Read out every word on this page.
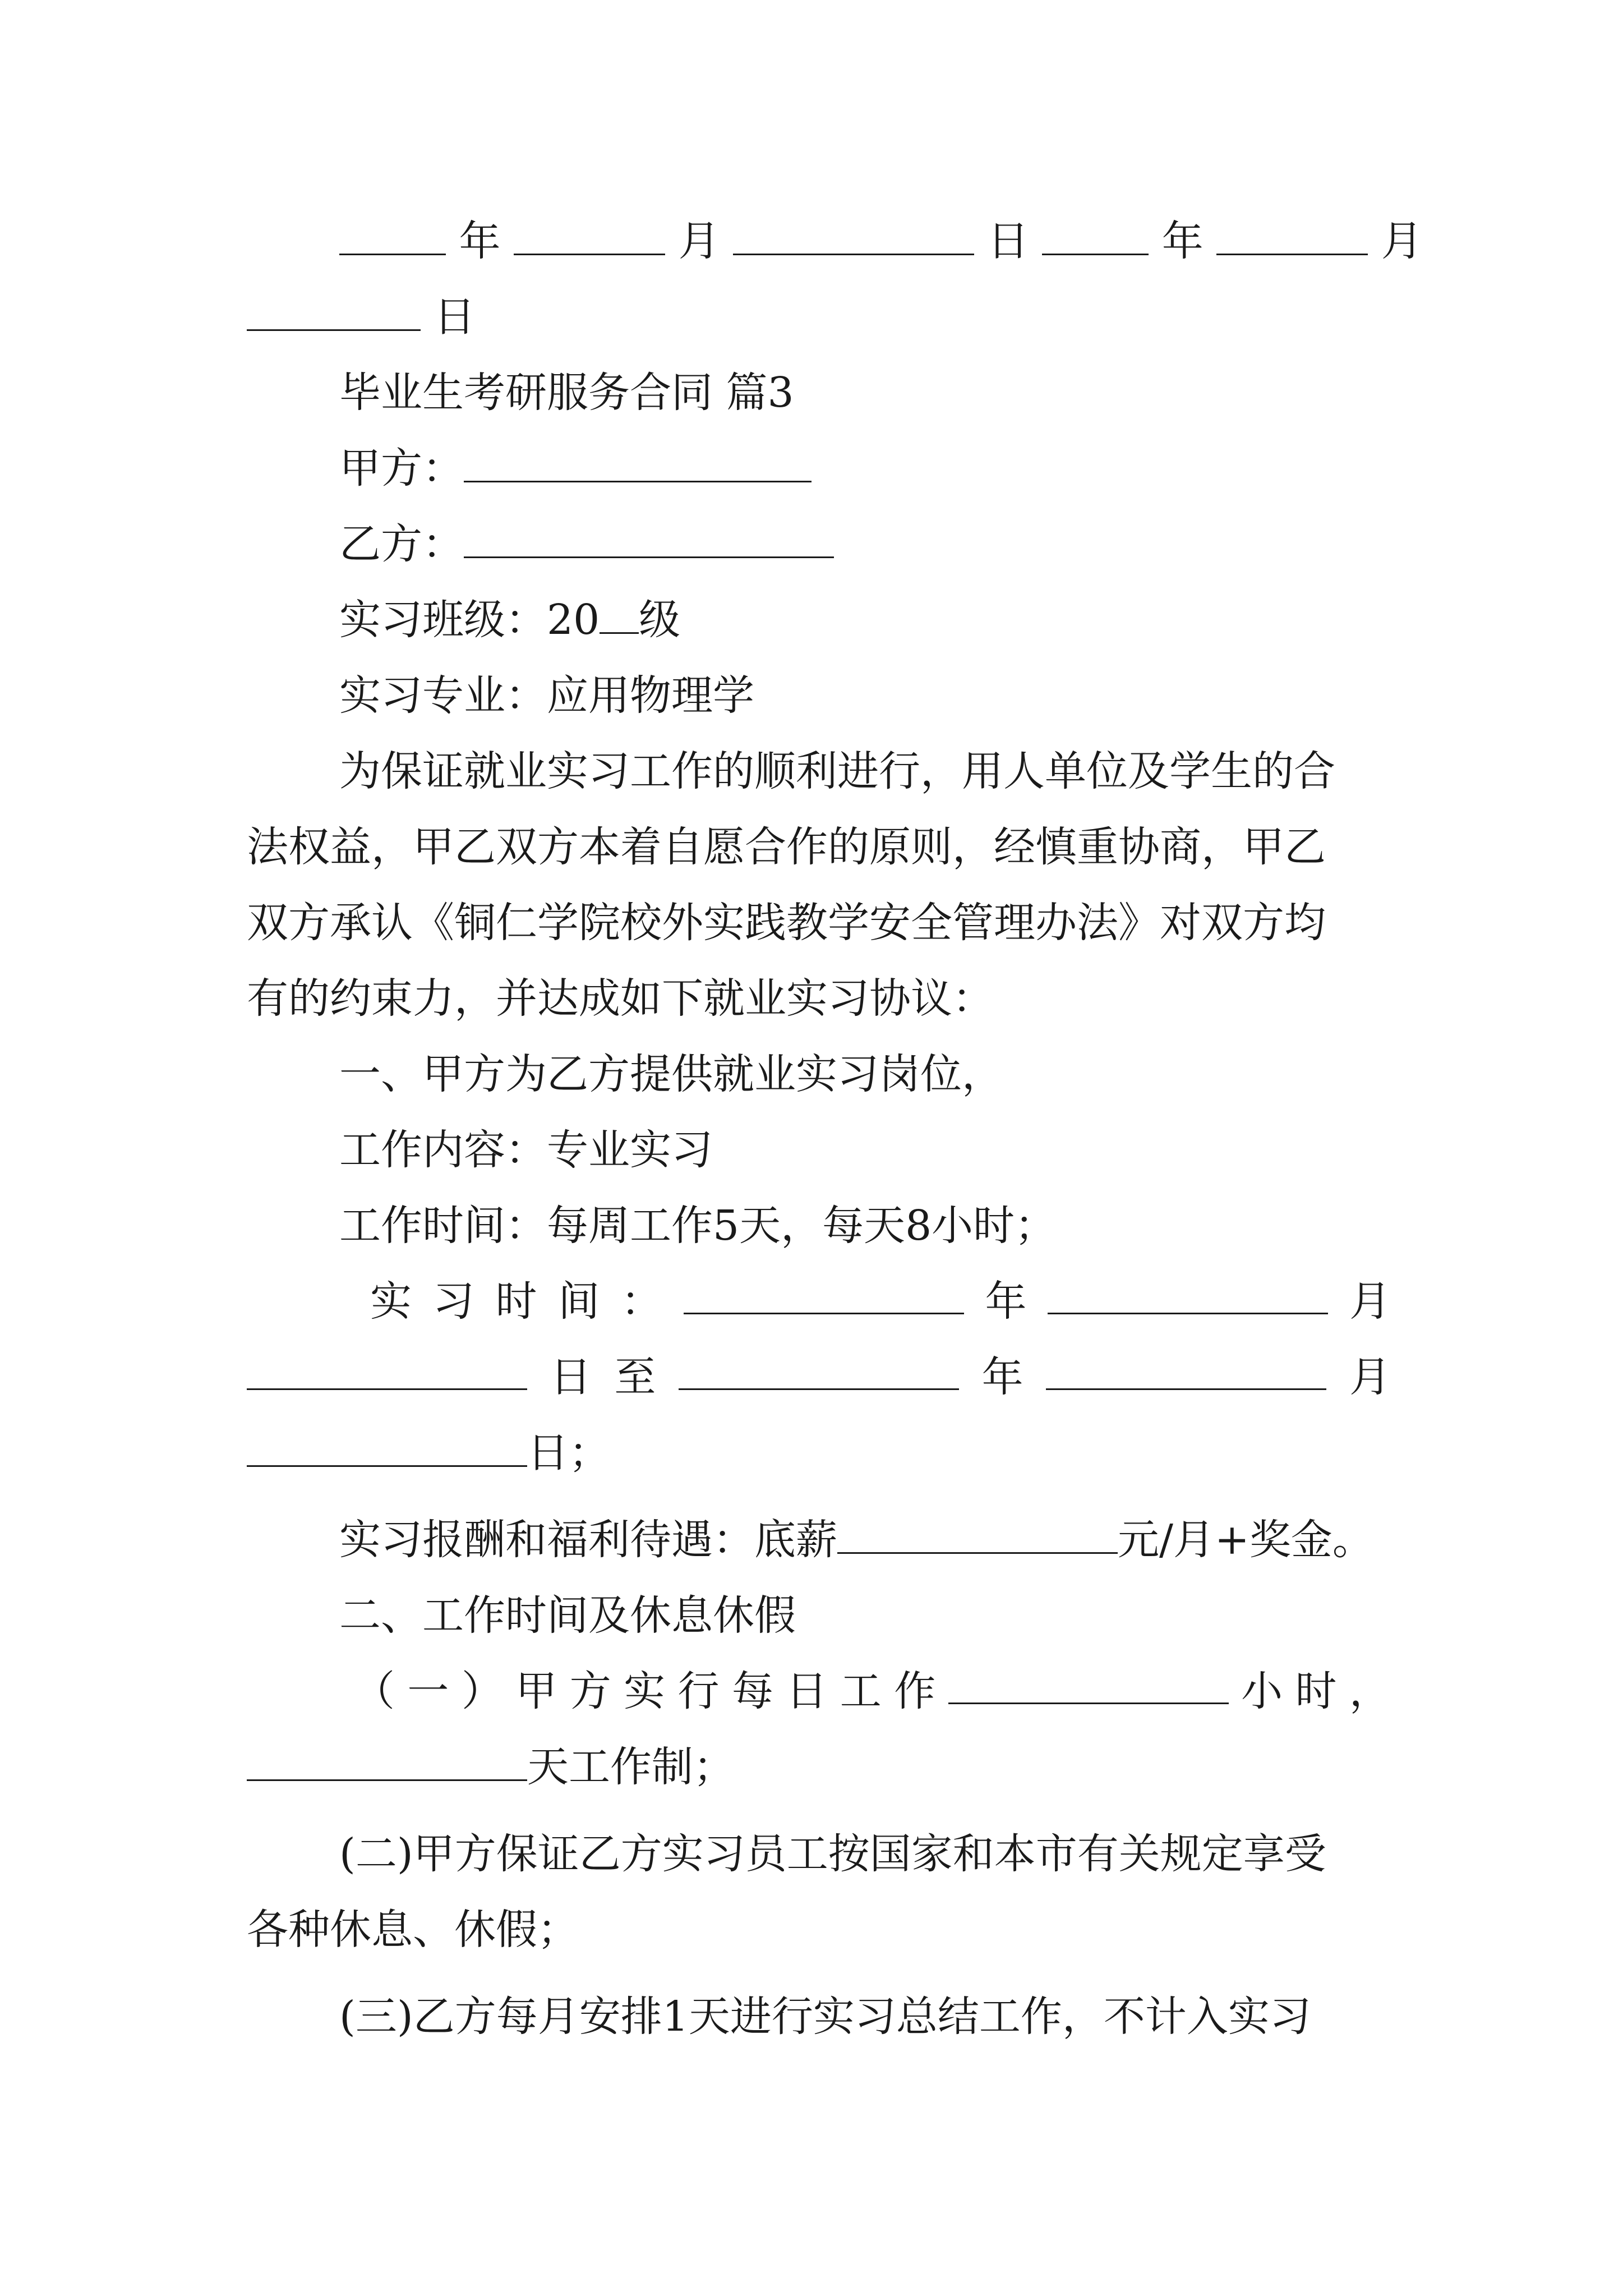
年	月	日	年	月
日
毕业生考研服务合同 篇3
甲方：
乙方：
实习班级：20 级
实习专业：应用物理学
为保证就业实习工作的顺利进行，用人单位及学生的合
法权益，甲乙双方本着自愿合作的原则，经慎重协商，甲乙
双方承认《铜仁学院校外实践教学安全管理办法》对双方均
有的约束力，并达成如下就业实习协议：
一、甲方为乙方提供就业实习岗位，
工作内容：专业实习
工作时间：每周工作5天，每天8小时；
实 习 时 间 ：	年	月
日 至	年	月
日；
实习报酬和福利待遇：底薪	元/月+奖金。
二、工作时间及休息休假
（ 一 ） 甲 方 实 行 每 日 工 作	小 时 ，
天工作制；
(二)甲方保证乙方实习员工按国家和本市有关规定享受
各种休息、休假；
(三)乙方每月安排1天进行实习总结工作，不计入实习
